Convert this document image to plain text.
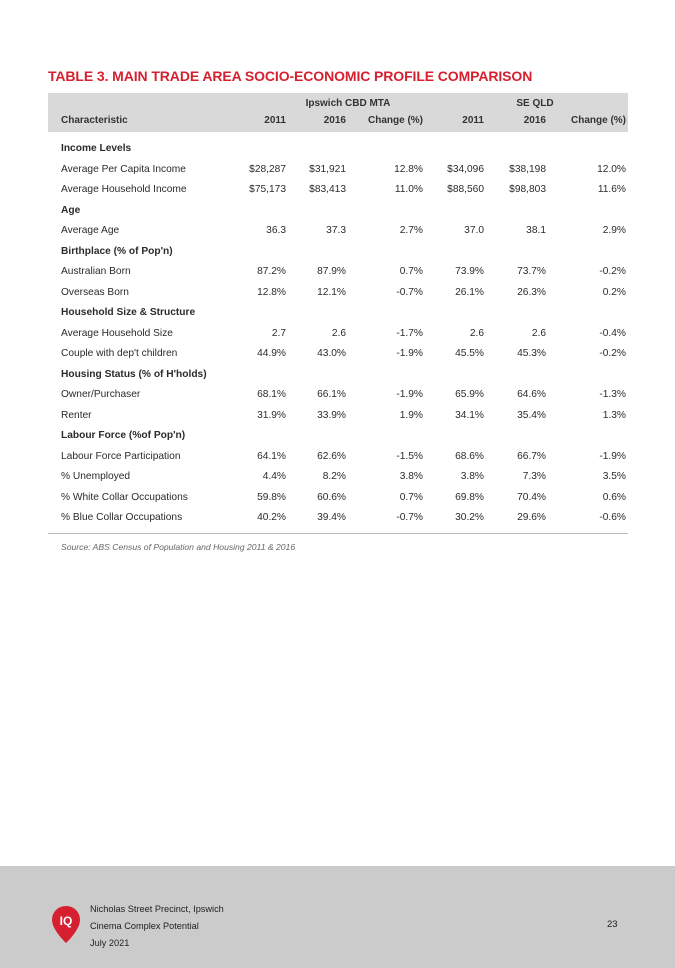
TABLE 3. MAIN TRADE AREA SOCIO-ECONOMIC PROFILE COMPARISON
Ipswich CBD MTA	SE QLD
Characteristic	2011	2016	Change (%)	2011	2016	Change (%)
Income Levels
Average Per Capita Income	$28,287	$31,921	12.8%	$34,096	$38,198	12.0%
Average Household Income	$75,173	$83,413	11.0%	$88,560	$98,803	11.6%
Age
Average Age	36.3	37.3	2.7%	37.0	38.1	2.9%
Birthplace (% of Pop'n)
Australian Born	87.2%	87.9%	0.7%	73.9%	73.7%	-0.2%
Overseas Born	12.8%	12.1%	-0.7%	26.1%	26.3%	0.2%
Household Size & Structure
Average Household Size	2.7	2.6	-1.7%	2.6	2.6	-0.4%
Couple with dep't children	44.9%	43.0%	-1.9%	45.5%	45.3%	-0.2%
Housing Status (% of H'holds)
Owner/Purchaser	68.1%	66.1%	-1.9%	65.9%	64.6%	-1.3%
Renter	31.9%	33.9%	1.9%	34.1%	35.4%	1.3%
Labour Force (%of Pop'n)
Labour Force Participation	64.1%	62.6%	-1.5%	68.6%	66.7%	-1.9%
% Unemployed	4.4%	8.2%	3.8%	3.8%	7.3%	3.5%
% White Collar Occupations	59.8%	60.6%	0.7%	69.8%	70.4%	0.6%
% Blue Collar Occupations	40.2%	39.4%	-0.7%	30.2%	29.6%	-0.6%
Source: ABS Census of Population and Housing 2011 & 2016
IQ
Nicholas Street Precinct, Ipswich
Cinema Complex Potential
July 2021
23
